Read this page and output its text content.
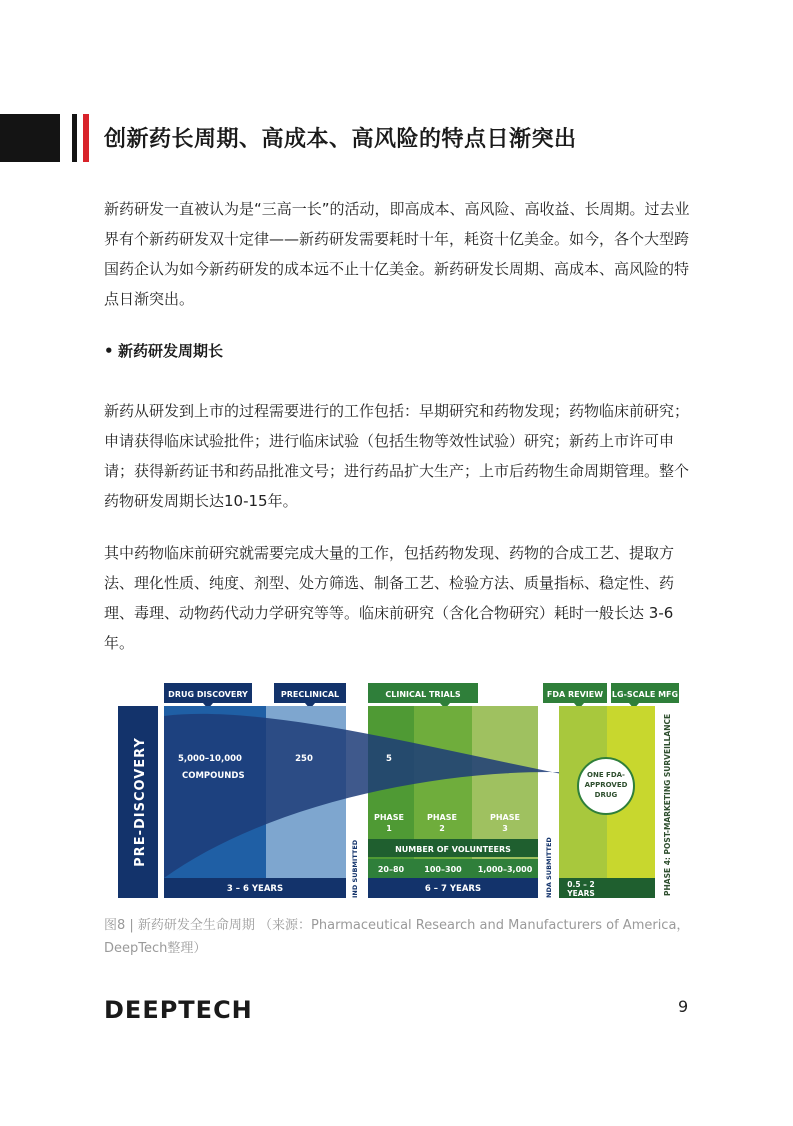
创新药长周期、高成本、高风险的特点日渐突出

新药研发一直被认为是“三高一长”的活动，即高成本、高风险、高收益、长周期。过去业界有个新药研发双十定律——新药研发需要耗时十年，耗资十亿美金。如今，各个大型跨国药企认为如今新药研发的成本远不止十亿美金。新药研发长周期、高成本、高风险的特点日渐突出。

• 新药研发周期长

新药从研发到上市的过程需要进行的工作包括：早期研究和药物发现；药物临床前研究；申请获得临床试验批件；进行临床试验（包括生物等效性试验）研究；新药上市许可申请；获得新药证书和药品批准文号；进行药品扩大生产；上市后药物生命周期管理。整个药物研发周期长达10-15年。

其中药物临床前研究就需要完成大量的工作，包括药物发现、药物的合成工艺、提取方法、理化性质、纯度、剂型、处方筛选、制备工艺、检验方法、质量指标、稳定性、药理、毒理、动物药代动力学研究等等。临床前研究（含化合物研究）耗时一般长达 3-6 年。

PRE-DISCOVERY
DRUG DISCOVERY	PRECLINICAL
3 – 6 YEARS	IND SUBMITTED
CLINICAL TRIALS
5,000–10,000
COMPOUNDS
250	5
PHASE
1
PHASE
2
PHASE
3
NUMBER OF VOLUNTEERS
20–80	100–300 1,000–3,000
6 – 7 YEARS	NDA SUBMITTED
FDA REVIEW LG-SCALE MFG
0.5 – 2
YEARS
ONE FDA-
APPROVED
DRUG	PHASE 4: POST-MARKETING SURVEILLANCE

图8 | 新药研发全生命周期 （来源：Pharmaceutical Research and Manufacturers of America，DeepTech整理）

DEEPTECH	9
